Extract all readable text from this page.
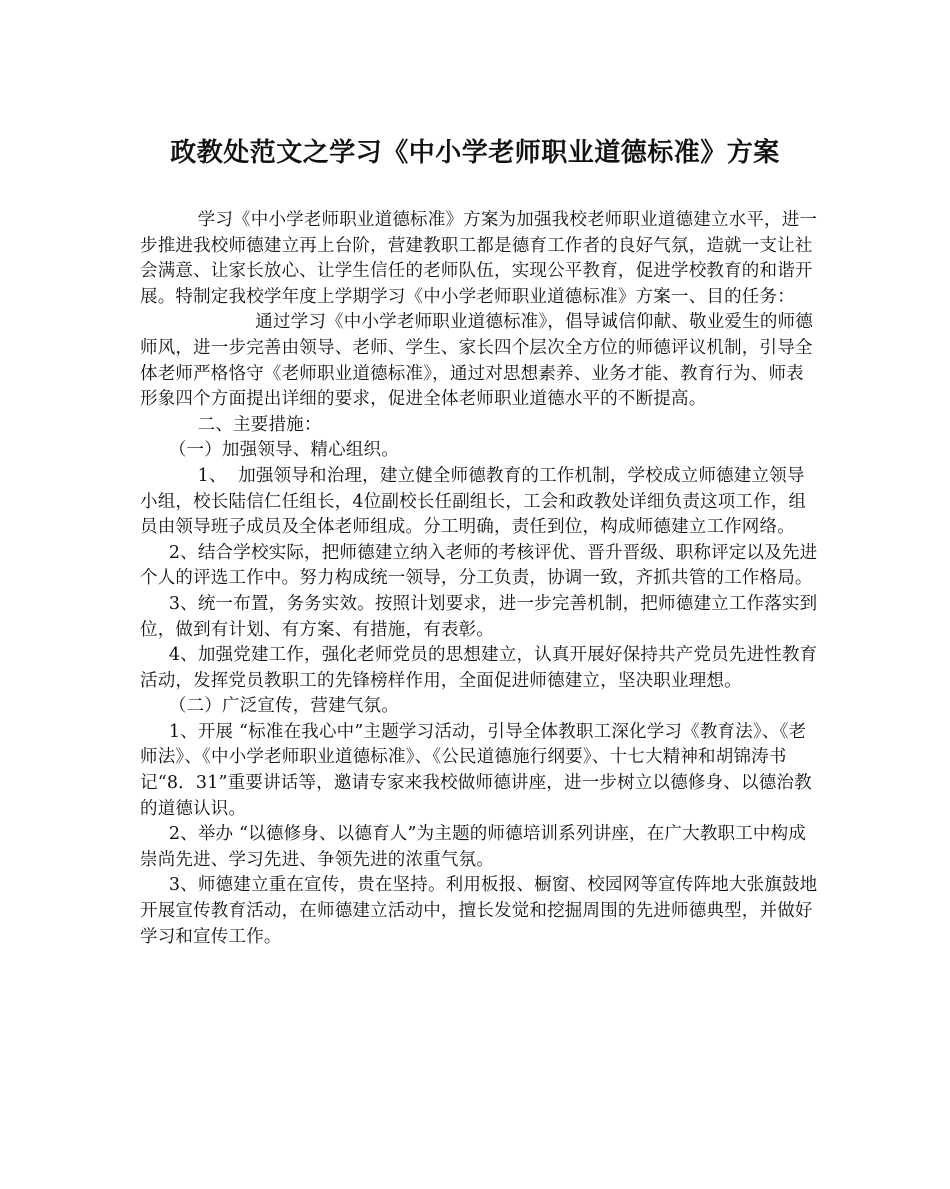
政教处范文之学习《中小学老师职业道德标准》方案

学习《中小学老师职业道德标准》方案为加强我校老师职业道德建立水平，进一步推进我校师德建立再上台阶，营建教职工都是德育工作者的良好气氛，造就一支让社会满意、让家长放心、让学生信任的老师队伍，实现公平教育，促进学校教育的和谐开展。特制定我校学年度上学期学习《中小学老师职业道德标准》方案一、目的任务：

通过学习《中小学老师职业道德标准》，倡导诚信仰献、敬业爱生的师德师风，进一步完善由领导、老师、学生、家长四个层次全方位的师德评议机制，引导全体老师严格恪守《老师职业道德标准》，通过对思想素养、业务才能、教育行为、师表形象四个方面提出详细的要求，促进全体老师职业道德水平的不断提高。

二、主要措施：

（一）加强领导、精心组织。

1、  加强领导和治理，建立健全师德教育的工作机制，学校成立师德建立领导小组，校长陆信仁任组长，4位副校长任副组长，工会和政教处详细负责这项工作，组员由领导班子成员及全体老师组成。分工明确，责任到位，构成师德建立工作网络。

2、结合学校实际，把师德建立纳入老师的考核评优、晋升晋级、职称评定以及先进个人的评选工作中。努力构成统一领导，分工负责，协调一致，齐抓共管的工作格局。

3、统一布置，务务实效。按照计划要求，进一步完善机制，把师德建立工作落实到位，做到有计划、有方案、有措施，有表彰。

4、加强党建工作，强化老师党员的思想建立，认真开展好保持共产党员先进性教育活动，发挥党员教职工的先锋榜样作用，全面促进师德建立，坚决职业理想。

（二）广泛宣传，营建气氛。

1、开展 “标准在我心中”主题学习活动，引导全体教职工深化学习《教育法》、《老师法》、《中小学老师职业道德标准》、《公民道德施行纲要》、十七大精神和胡锦涛书记“8．31”重要讲话等，邀请专家来我校做师德讲座，进一步树立以德修身、以德治教的道德认识。

2、举办 “以德修身、以德育人”为主题的师德培训系列讲座，在广大教职工中构成崇尚先进、学习先进、争领先进的浓重气氛。

3、师德建立重在宣传，贵在坚持。利用板报、橱窗、校园网等宣传阵地大张旗鼓地开展宣传教育活动，在师德建立活动中，擅长发觉和挖掘周围的先进师德典型，并做好学习和宣传工作。
